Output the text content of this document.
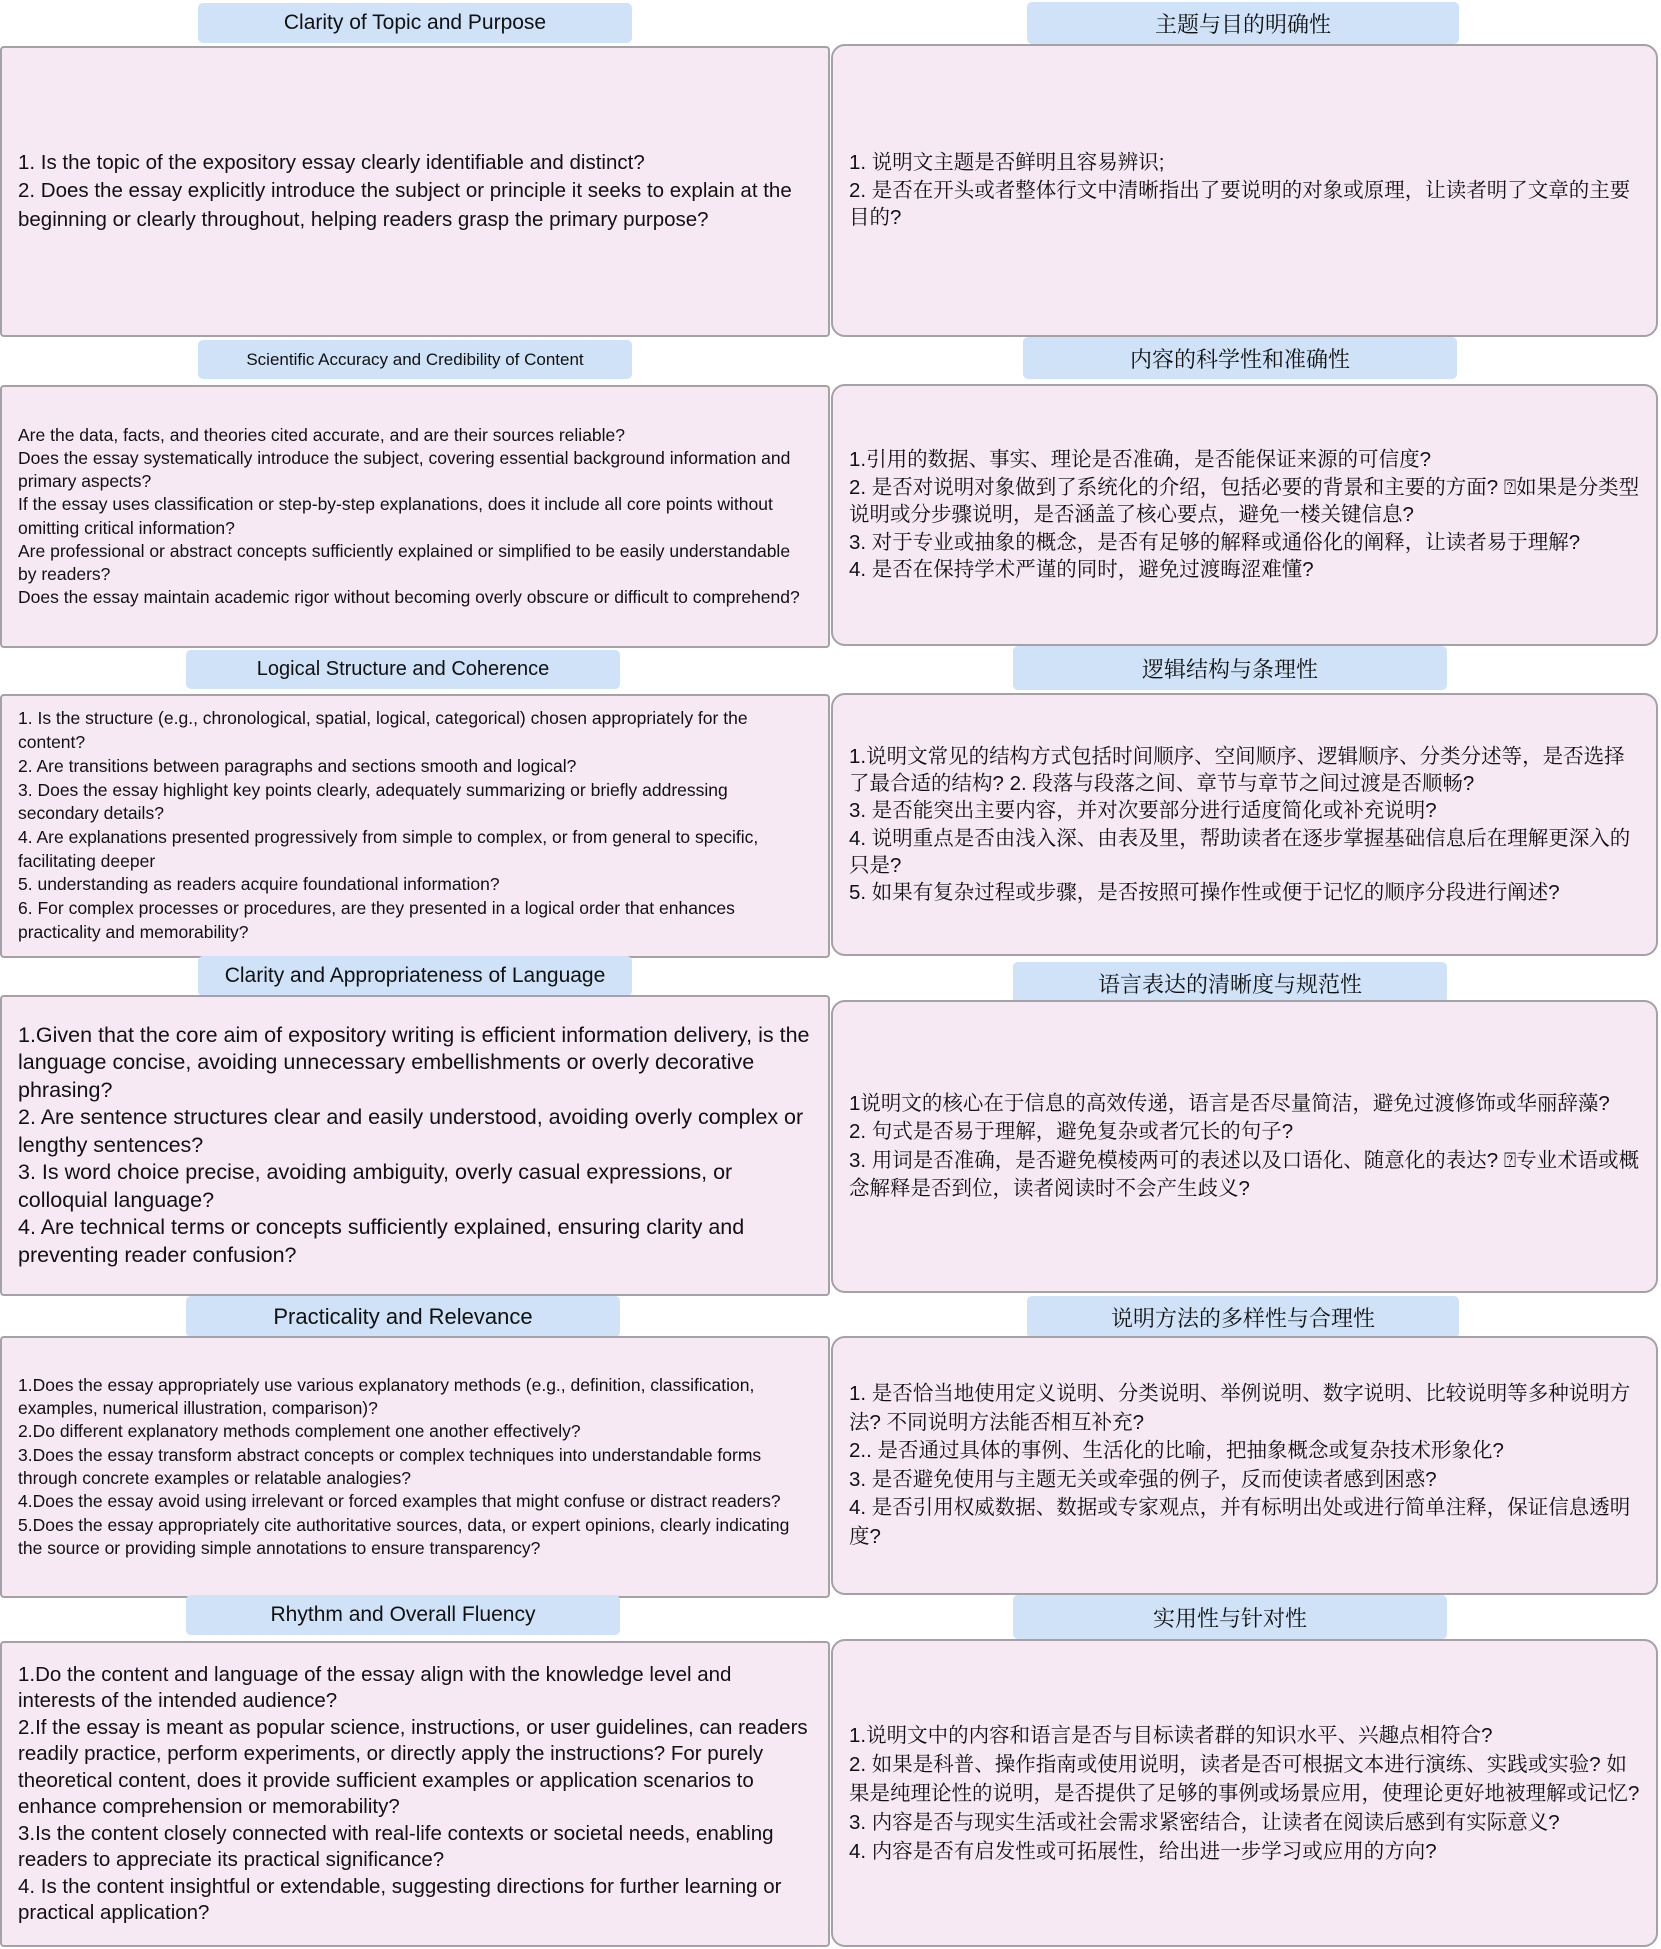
Clarity of Topic and Purpose
1. Is the topic of the expository essay clearly identifiable and distinct?
2. Does the essay explicitly introduce the subject or principle it seeks to explain at the beginning or clearly throughout, helping readers grasp the primary purpose?
主题与目的明确性
1. 说明文主题是否鲜明且容易辨识;
2. 是否在开头或者整体行文中清晰指出了要说明的对象或原理，让读者明了文章的主要目的?
Scientific Accuracy and Credibility of Content
Are the data, facts, and theories cited accurate, and are their sources reliable?
Does the essay systematically introduce the subject, covering essential background information and primary aspects?
If the essay uses classification or step-by-step explanations, does it include all core points without omitting critical information?
Are professional or abstract concepts sufficiently explained or simplified to be easily understandable by readers?
Does the essay maintain academic rigor without becoming overly obscure or difficult to comprehend?
内容的科学性和准确性
1.引用的数据、事实、理论是否准确，是否能保证来源的可信度?
2. 是否对说明对象做到了系统化的介绍，包括必要的背景和主要的方面? ⍰如果是分类型说明或分步骤说明，是否涵盖了核心要点，避免一楼关键信息?
3. 对于专业或抽象的概念，是否有足够的解释或通俗化的阐释，让读者易于理解?
4. 是否在保持学术严谨的同时，避免过渡晦涩难懂?
Logical Structure and Coherence
1. Is the structure (e.g., chronological, spatial, logical, categorical) chosen appropriately for the content?
2. Are transitions between paragraphs and sections smooth and logical?
3. Does the essay highlight key points clearly, adequately summarizing or briefly addressing secondary details?
4. Are explanations presented progressively from simple to complex, or from general to specific, facilitating deeper
5. understanding as readers acquire foundational information?
6. For complex processes or procedures, are they presented in a logical order that enhances practicality and memorability?
逻辑结构与条理性
1.说明文常见的结构方式包括时间顺序、空间顺序、逻辑顺序、分类分述等，是否选择了最合适的结构? 2. 段落与段落之间、章节与章节之间过渡是否顺畅?
3. 是否能突出主要内容，并对次要部分进行适度简化或补充说明?
4. 说明重点是否由浅入深、由表及里，帮助读者在逐步掌握基础信息后在理解更深入的只是?
5. 如果有复杂过程或步骤，是否按照可操作性或便于记忆的顺序分段进行阐述?
Clarity and Appropriateness of Language
1.Given that the core aim of expository writing is efficient information delivery, is the language concise, avoiding unnecessary embellishments or overly decorative phrasing?
2. Are sentence structures clear and easily understood, avoiding overly complex or lengthy sentences?
3. Is word choice precise, avoiding ambiguity, overly casual expressions, or colloquial language?
4. Are technical terms or concepts sufficiently explained, ensuring clarity and preventing reader confusion?
语言表达的清晰度与规范性
1说明文的核心在于信息的高效传递，语言是否尽量简洁，避免过渡修饰或华丽辞藻?
2. 句式是否易于理解，避免复杂或者冗长的句子?
3. 用词是否准确，是否避免模棱两可的表述以及口语化、随意化的表达? ⍰专业术语或概念解释是否到位，读者阅读时不会产生歧义?
Practicality and Relevance
1.Does the essay appropriately use various explanatory methods (e.g., definition, classification, examples, numerical illustration, comparison)?
2.Do different explanatory methods complement one another effectively?
3.Does the essay transform abstract concepts or complex techniques into understandable forms through concrete examples or relatable analogies?
4.Does the essay avoid using irrelevant or forced examples that might confuse or distract readers?
5.Does the essay appropriately cite authoritative sources, data, or expert opinions, clearly indicating the source or providing simple annotations to ensure transparency?
说明方法的多样性与合理性
1. 是否恰当地使用定义说明、分类说明、举例说明、数字说明、比较说明等多种说明方法? 不同说明方法能否相互补充?
2.. 是否通过具体的事例、生活化的比喻，把抽象概念或复杂技术形象化?
3. 是否避免使用与主题无关或牵强的例子，反而使读者感到困惑?
4. 是否引用权威数据、数据或专家观点，并有标明出处或进行简单注释，保证信息透明度?
Rhythm and Overall Fluency
1.Do the content and language of the essay align with the knowledge level and interests of the intended audience?
2.If the essay is meant as popular science, instructions, or user guidelines, can readers readily practice, perform experiments, or directly apply the instructions? For purely theoretical content, does it provide sufficient examples or application scenarios to enhance comprehension or memorability?
3.Is the content closely connected with real-life contexts or societal needs, enabling readers to appreciate its practical significance?
4. Is the content insightful or extendable, suggesting directions for further learning or practical application?
实用性与针对性
1.说明文中的内容和语言是否与目标读者群的知识水平、兴趣点相符合?
2. 如果是科普、操作指南或使用说明，读者是否可根据文本进行演练、实践或实验? 如果是纯理论性的说明，是否提供了足够的事例或场景应用，使理论更好地被理解或记忆?
3. 内容是否与现实生活或社会需求紧密结合，让读者在阅读后感到有实际意义?
4. 内容是否有启发性或可拓展性，给出进一步学习或应用的方向?
